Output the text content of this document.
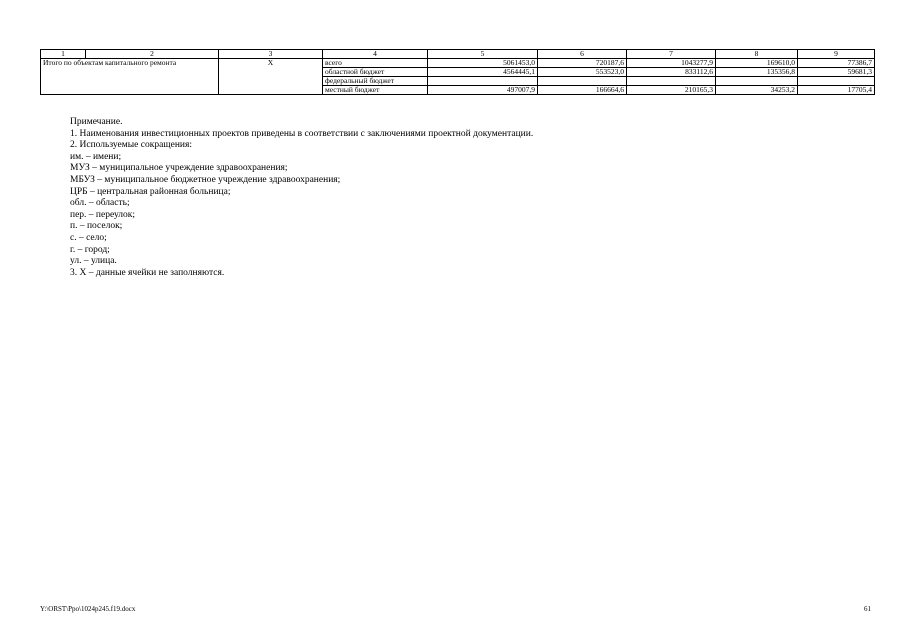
1	2	3	4	5	6	7	8	9
Итого по объектам капитального ремонта		Х	всего	5061453,0	720187,6	1043277,9	169610,0	77386,7
			областной бюджет	4564445,1	553523,0	833112,6	135356,8	59681,3
			федеральный бюджет					
			местный бюджет	497007,9	166664,6	210165,3	34253,2	17705,4
Примечание.
1. Наименования инвестиционных проектов приведены в соответствии с заключениями проектной документации.
2. Используемые сокращения:
им. – имени;
МУЗ – муниципальное учреждение здравоохранения;
МБУЗ – муниципальное бюджетное учреждение здравоохранения;
ЦРБ – центральная районная больница;
обл. – область;
пер. – переулок;
п. – поселок;
с. – село;
г. – город;
ул. – улица.
3. Х – данные ячейки не заполняются.
Y:\ORST\Ppo\1024p245.f19.docx	61
